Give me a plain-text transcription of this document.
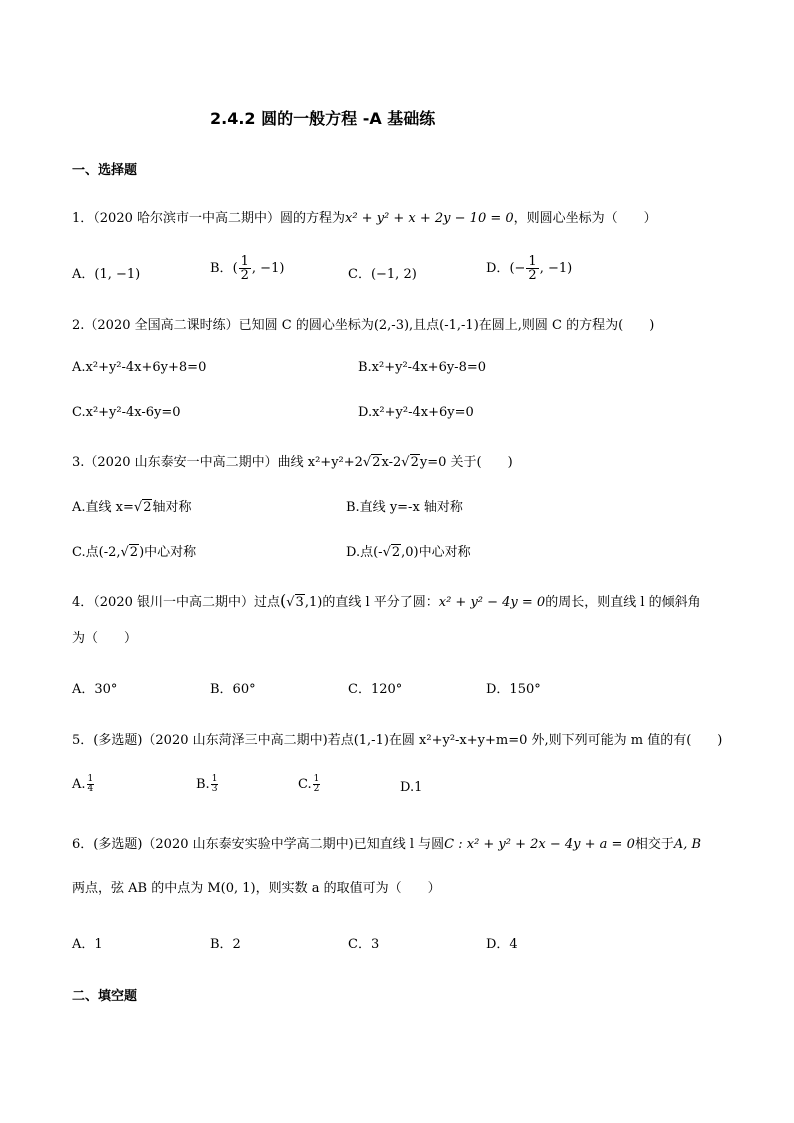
2.4.2 圆的一般方程 -A 基础练
一、选择题
1．（2020 哈尔滨市一中高二期中）圆的方程为x² + y² + x + 2y − 10 = 0，则圆心坐标为（　　）
A．(1, −1)	B．( $\frac{1}{2}$ , −1)	C．(−1, 2)	D．(− $\frac{1}{2}$ , −1)
2.（2020 全国高二课时练）已知圆 C 的圆心坐标为(2,-3),且点(-1,-1)在圆上,则圆 C 的方程为(　　)
A.x²+y²-4x+6y+8=0	B.x²+y²-4x+6y-8=0
C.x²+y²-4x-6y=0	D.x²+y²-4x+6y=0
3.（2020 山东泰安一中高二期中）曲线 x²+y²+2√2x-2√2y=0 关于(　　)
A.直线 x=√2轴对称	B.直线 y=-x 轴对称
C.点(-2,√2)中心对称	D.点(-√2,0)中心对称
4．（2020 银川一中高二期中）过点(√3,1)的直线 l 平分了圆：x² + y² − 4y = 0的周长，则直线 l 的倾斜角
为（　　）
A．30°	B．60°	C．120°	D．150°
5．(多选题)（2020 山东菏泽三中高二期中)若点(1,-1)在圆 x²+y²-x+y+m=0 外,则下列可能为 m 值的有(　　)
A. $\frac{1}{4}$	B. $\frac{1}{3}$	C. $\frac{1}{2}$	D.1
6．(多选题)（2020 山东泰安实验中学高二期中)已知直线 l 与圆C : x² + y² + 2x − 4y + a = 0相交于A, B
两点，弦 AB 的中点为 M(0, 1)，则实数 a 的取值可为（　　）
A．1	B．2	C．3	D．4
二、填空题
